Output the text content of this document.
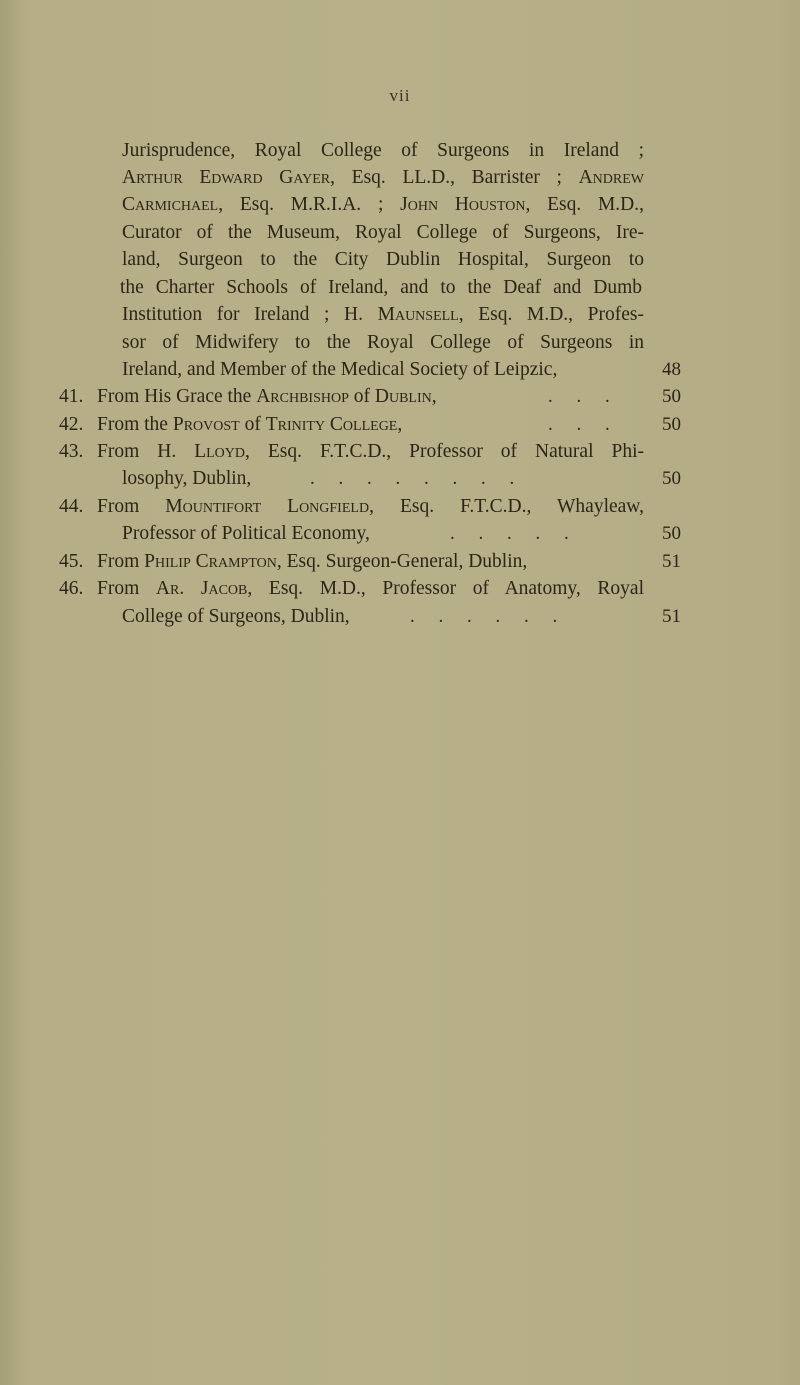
vii
Jurisprudence, Royal College of Surgeons in Ireland ;
Arthur Edward Gayer, Esq. LL.D., Barrister ; Andrew
Carmichael, Esq. M.R.I.A. ; John Houston, Esq. M.D.,
Curator of the Museum, Royal College of Surgeons, Ire-
land, Surgeon to the City Dublin Hospital, Surgeon to
the Charter Schools of Ireland, and to the Deaf and Dumb
Institution for Ireland ; H. Maunsell, Esq. M.D., Profes-
sor of Midwifery to the Royal College of Surgeons in
Ireland, and Member of the Medical Society of Leipzic,	48
41. From His Grace the Archbishop of Dublin,	.     .     .	50
42. From the Provost of Trinity College,	.     .     .	50
43. From H. Lloyd, Esq. F.T.C.D., Professor of Natural Phi-
losophy, Dublin,	.     .     .     .     .     .     .     .	50
44. From Mountifort Longfield, Esq. F.T.C.D., Whayleaw,
Professor of Political Economy,	.     .     .     .     .	50
45. From Philip Crampton, Esq. Surgeon-General, Dublin,	51
46. From Ar. Jacob, Esq. M.D., Professor of Anatomy, Royal
College of Surgeons, Dublin,	.     .     .     .     .     .	51
